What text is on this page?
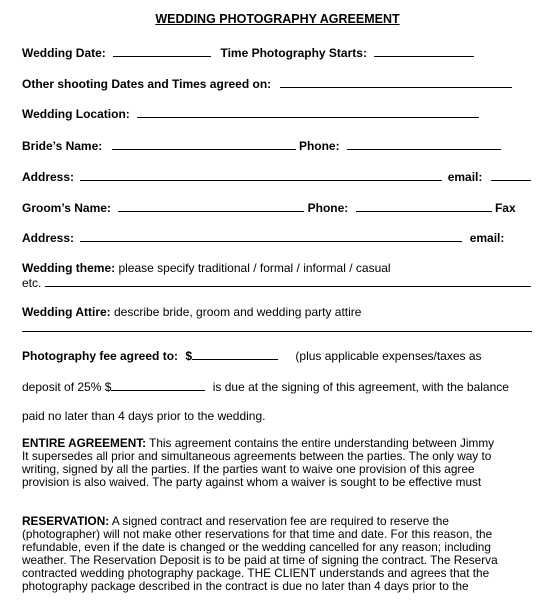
WEDDING PHOTOGRAPHY AGREEMENT
Wedding Date:	Time Photography Starts:
Other shooting Dates and Times agreed on:
Wedding Location:
Bride’s Name:	Phone:
Address:	email:
Groom’s Name:	Phone:	Fax
Address:	email:
Wedding theme: please specify traditional / formal / informal / casual
etc.
Wedding Attire: describe bride, groom and wedding party attire
Photography fee agreed to: $	(plus applicable expenses/taxes as
deposit of 25% $	is due at the signing of this agreement, with the balance
paid no later than 4 days prior to the wedding.
ENTIRE AGREEMENT: This agreement contains the entire understanding between Jimmy
It supersedes all prior and simultaneous agreements between the parties. The only way to
writing, signed by all the parties. If the parties want to waive one provision of this agree
provision is also waived. The party against whom a waiver is sought to be effective must
RESERVATION: A signed contract and reservation fee are required to reserve the
(photographer) will not make other reservations for that time and date. For this reason, the
refundable, even if the date is changed or the wedding cancelled for any reason; including
weather. The Reservation Deposit is to be paid at time of signing the contract. The Reserva
contracted wedding photography package. THE CLIENT understands and agrees that the
photography package described in the contract is due no later than 4 days prior to the
